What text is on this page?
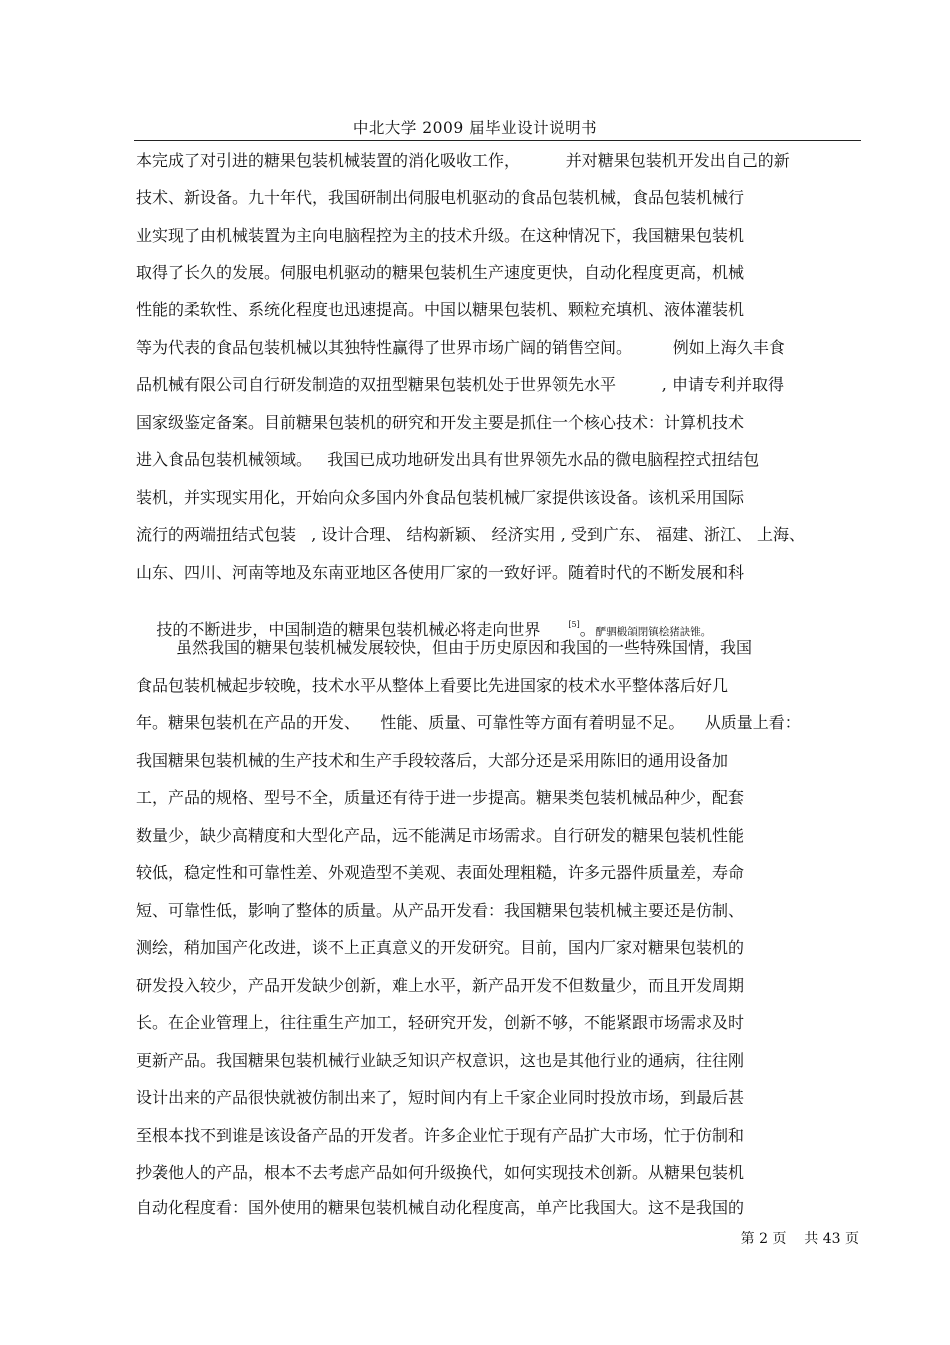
中北大学 2009 届毕业设计说明书
本完成了对引进的糖果包装机械装置的消化吸收工作，         并对糖果包装机开发出自己的新
技术、新设备。九十年代，我国研制出伺服电机驱动的食品包装机械，食品包装机械行
业实现了由机械装置为主向电脑程控为主的技术升级。在这种情况下，我国糖果包装机
取得了长久的发展。伺服电机驱动的糖果包装机生产速度更快，自动化程度更高，机械
性能的柔软性、系统化程度也迅速提高。中国以糖果包装机、颗粒充填机、液体灌装机
等为代表的食品包装机械以其独特性赢得了世界市场广阔的销售空间。        例如上海久丰食
品机械有限公司自行研发制造的双扭型糖果包装机处于世界领先水平         , 申请专利并取得
国家级鉴定备案。目前糖果包装机的研究和开发主要是抓住一个核心技术：计算机技术
进入食品包装机械领域。   我国已成功地研发出具有世界领先水品的微电脑程控式扭结包
装机，并实现实用化，开始向众多国内外食品包装机械厂家提供该设备。该机采用国际
流行的两端扭结式包装   , 设计合理、 结构新颖、 经济实用 , 受到广东、 福建、浙江、 上海、
山东、四川、河南等地及东南亚地区各使用厂家的一致好评。随着时代的不断发展和科

技的不断进步，中国制造的糖果包装机械必将走向世界	[5]。酽驷椴頜閉镇桧猪訣锥。

虽然我国的糖果包装机械发展较快，但由于历史原因和我国的一些特殊国情，我国
食品包装机械起步较晚，技术水平从整体上看要比先进国家的枝术水平整体落后好几
年。糖果包装机在产品的开发、    性能、质量、可靠性等方面有着明显不足。    从质量上看：
我国糖果包装机械的生产技术和生产手段较落后，大部分还是采用陈旧的通用设备加
工，产品的规格、型号不全，质量还有待于进一步提高。糖果类包装机械品种少，配套
数量少，缺少高精度和大型化产品，远不能满足市场需求。自行研发的糖果包装机性能
较低，稳定性和可靠性差、外观造型不美观、表面处理粗糙，许多元器件质量差，寿命
短、可靠性低，影响了整体的质量。从产品开发看：我国糖果包装机械主要还是仿制、
测绘，稍加国产化改进，谈不上正真意义的开发研究。目前，国内厂家对糖果包装机的
研发投入较少，产品开发缺少创新，难上水平，新产品开发不但数量少，而且开发周期
长。在企业管理上，往往重生产加工，轻研究开发，创新不够，不能紧跟市场需求及时
更新产品。我国糖果包装机械行业缺乏知识产权意识，这也是其他行业的通病，往往刚
设计出来的产品很快就被仿制出来了，短时间内有上千家企业同时投放市场，到最后甚
至根本找不到谁是该设备产品的开发者。许多企业忙于现有产品扩大市场，忙于仿制和
抄袭他人的产品，根本不去考虑产品如何升级换代，如何实现技术创新。从糖果包装机
自动化程度看：国外使用的糖果包装机械自动化程度高，单产比我国大。这不是我国的
第 2 页    共 43 页
